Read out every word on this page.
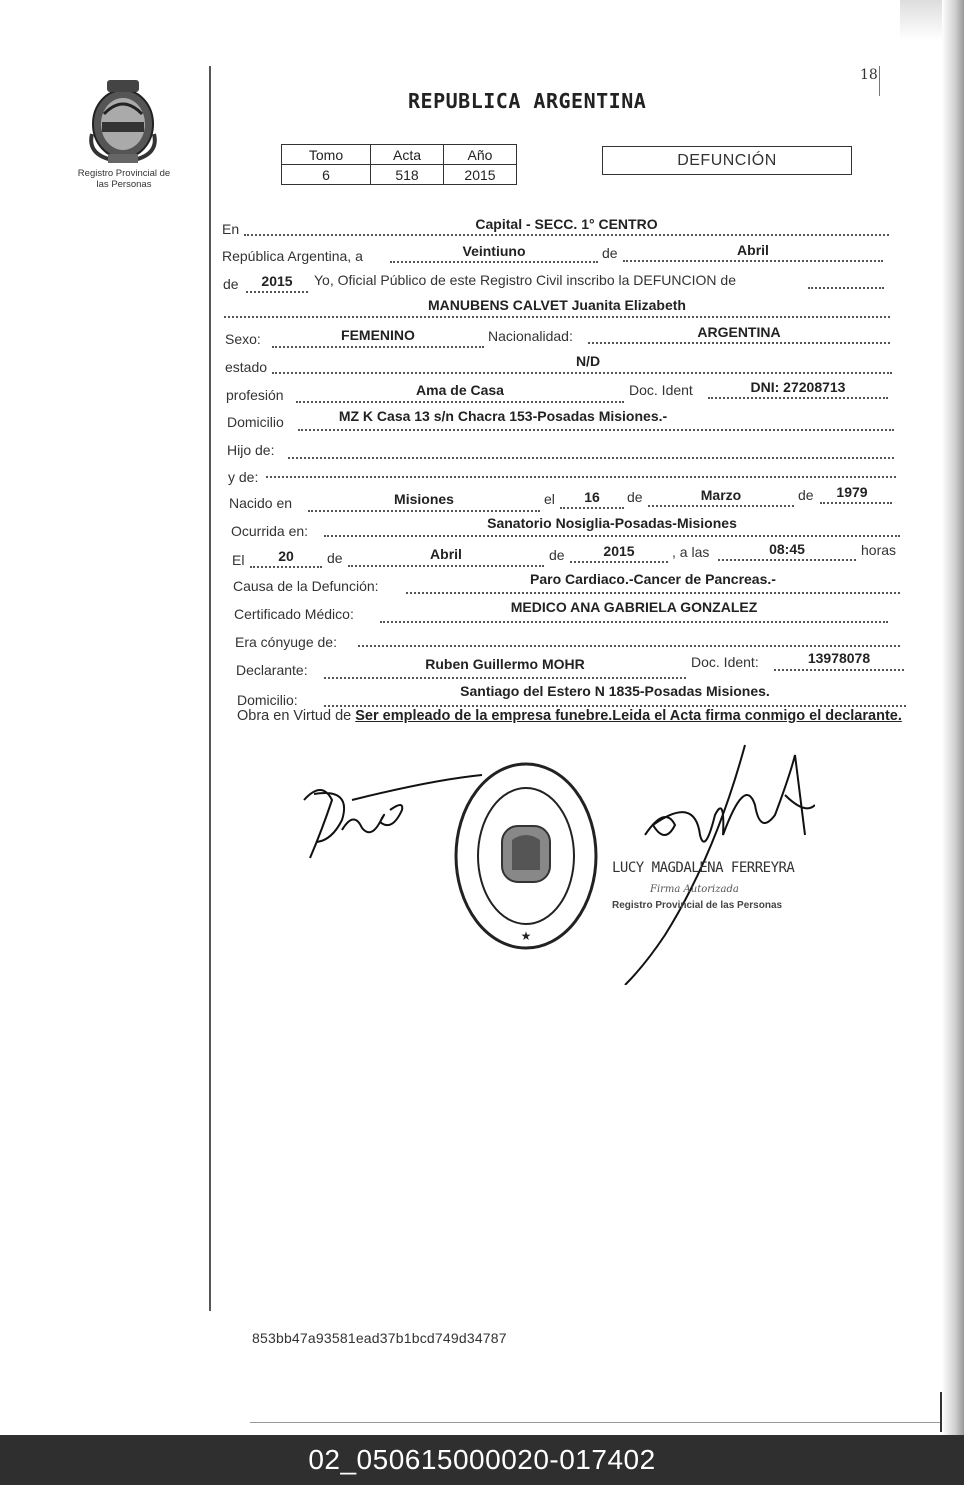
18
Registro Provincial de
las Personas
REPUBLICA ARGENTINA
Tomo	Acta	Año
6	518	2015
DEFUNCIÓN
En	Capital - SECC. 1° CENTRO
República Argentina, a	Veintiuno	de	Abril
de	2015	Yo, Oficial Público de este Registro Civil inscribo la DEFUNCION de
MANUBENS CALVET Juanita Elizabeth
Sexo:	FEMENINO	Nacionalidad:	ARGENTINA
estado	N/D
profesión	Ama de Casa	Doc. Ident	DNI: 27208713
Domicilio	MZ K Casa 13 s/n Chacra 153-Posadas Misiones.-
Hijo de:
y de:
Nacido en	Misiones	el	16	de	Marzo	de	1979
Ocurrida en:	Sanatorio Nosiglia-Posadas-Misiones
El	20	de	Abril	de	2015	, a las	08:45	horas
Causa de la Defunción:	Paro Cardiaco.-Cancer de Pancreas.-
Certificado Médico:	MEDICO ANA GABRIELA GONZALEZ
Era cónyuge de:
Declarante:	Ruben Guillermo MOHR	Doc. Ident:	13978078
Domicilio:
Santiago del Estero N 1835-Posadas Misiones.
Obra en Virtud de Ser empleado de la empresa funebre.Leida el Acta firma conmigo el declarante.
★
LUCY MAGDALENA FERREYRA
Firma Autorizada
Registro Provincial de las Personas
853bb47a93581ead37b1bcd749d34787
02_050615000020-017402
